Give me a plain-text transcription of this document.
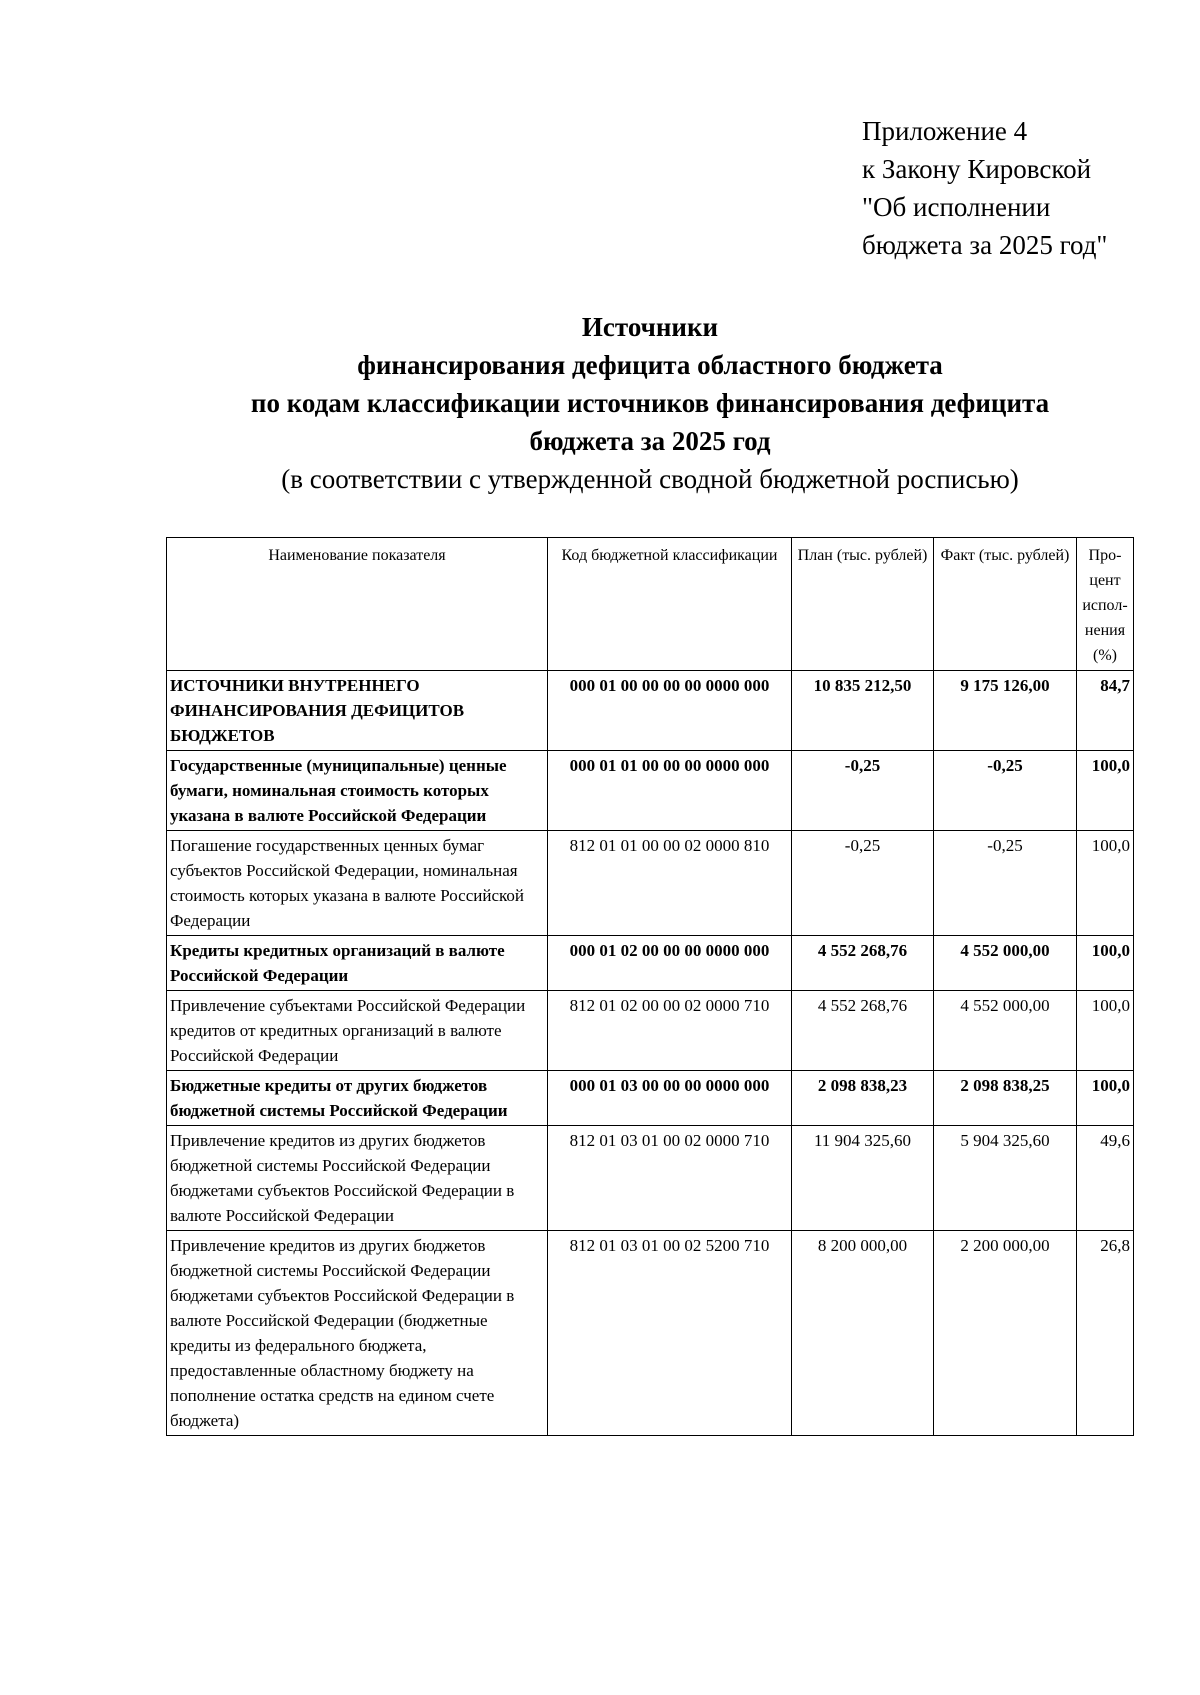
Приложение 4
к Закону Кировской
"Об исполнении
бюджета за 2025 год"
Источники
финансирования дефицита областного бюджета
по кодам классификации источников финансирования дефицита
бюджета за 2025 год
(в соответствии с утвержденной сводной бюджетной росписью)
Наименование показателя	Код бюджетной классификации	План (тыс. рублей)	Факт (тыс. рублей)	Про- цент испол- нения (%)
ИСТОЧНИКИ ВНУТРЕННЕГО ФИНАНСИРОВАНИЯ ДЕФИЦИТОВ БЮДЖЕТОВ	000 01 00 00 00 00 0000 000	10 835 212,50	9 175 126,00	84,7
Государственные (муниципальные) ценные бумаги, номинальная стоимость которых указана в валюте Российской Федерации	000 01 01 00 00 00 0000 000	-0,25	-0,25	100,0
Погашение государственных ценных бумаг субъектов Российской Федерации, номинальная стоимость которых указана в валюте Российской Федерации	812 01 01 00 00 02 0000 810	-0,25	-0,25	100,0
Кредиты кредитных организаций в валюте Российской Федерации	000 01 02 00 00 00 0000 000	4 552 268,76	4 552 000,00	100,0
Привлечение субъектами Российской Федерации кредитов от кредитных организаций в валюте Российской Федерации	812 01 02 00 00 02 0000 710	4 552 268,76	4 552 000,00	100,0
Бюджетные кредиты от других бюджетов бюджетной системы Российской Федерации	000 01 03 00 00 00 0000 000	2 098 838,23	2 098 838,25	100,0
Привлечение кредитов из других бюджетов бюджетной системы Российской Федерации бюджетами субъектов Российской Федерации в валюте Российской Федерации	812 01 03 01 00 02 0000 710	11 904 325,60	5 904 325,60	49,6
Привлечение кредитов из других бюджетов бюджетной системы Российской Федерации бюджетами субъектов Российской Федерации в валюте Российской Федерации (бюджетные кредиты из федерального бюджета, предоставленные областному бюджету на пополнение остатка средств на едином счете бюджета)	812 01 03 01 00 02 5200 710	8 200 000,00	2 200 000,00	26,8
